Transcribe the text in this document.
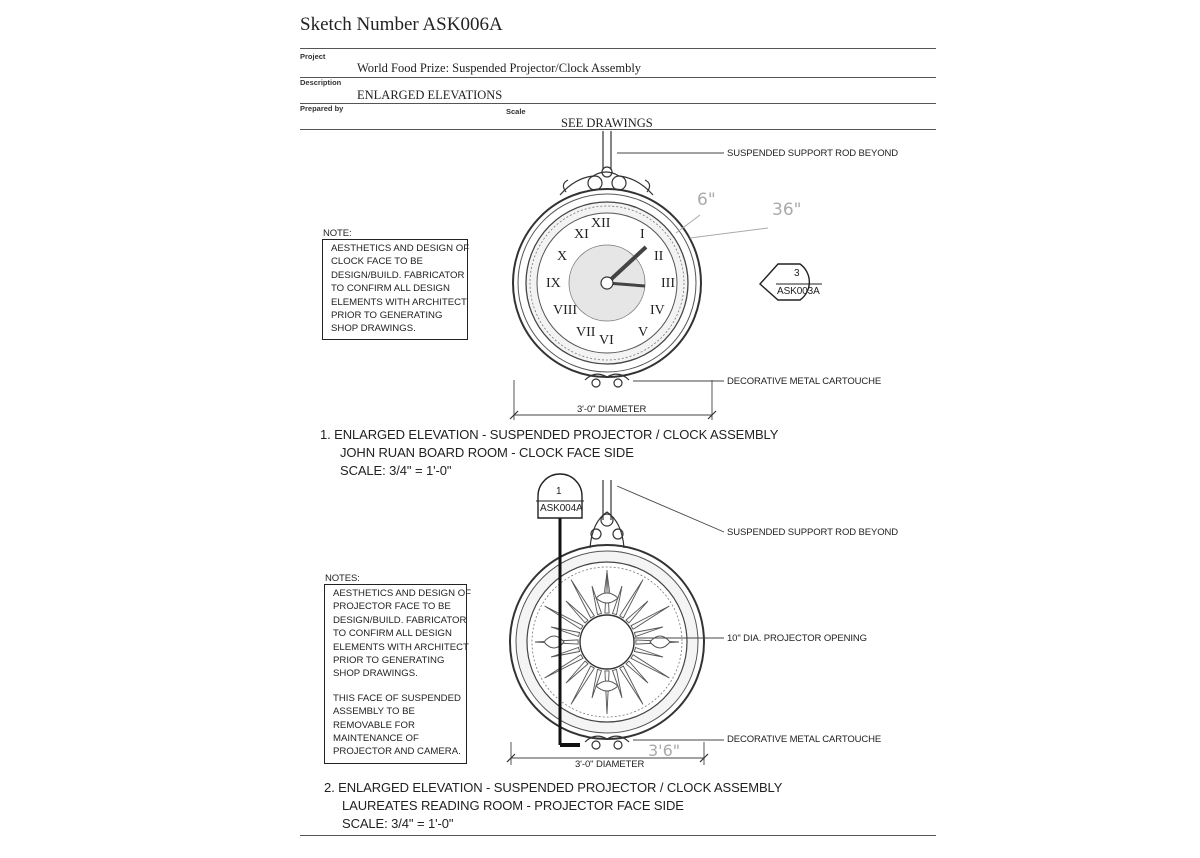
Sketch Number ASK006A
Project
World Food Prize: Suspended Projector/Clock Assembly
Description
ENLARGED ELEVATIONS
Prepared by	Scale
SEE DRAWINGS
XII
I
II
III
IV
V
VI
VII
VIII
IX
X
XI
SUSPENDED SUPPORT ROD BEYOND
DECORATIVE METAL CARTOUCHE
3'-0" DIAMETER
6"	36"
3
ASK003A
NOTE:
AESTHETICS AND DESIGN OF
CLOCK FACE TO BE
DESIGN/BUILD. FABRICATOR
TO CONFIRM ALL DESIGN
ELEMENTS WITH ARCHITECT
PRIOR TO GENERATING
SHOP DRAWINGS.
1. ENLARGED ELEVATION - SUSPENDED PROJECTOR / CLOCK ASSEMBLY
JOHN RUAN BOARD ROOM - CLOCK FACE SIDE
SCALE: 3/4" = 1'-0"
SUSPENDED SUPPORT ROD BEYOND
10" DIA. PROJECTOR OPENING
DECORATIVE METAL CARTOUCHE
3'-0" DIAMETER
3'6"
1
ASK004A
NOTES:
AESTHETICS AND DESIGN OF
PROJECTOR FACE TO BE
DESIGN/BUILD. FABRICATOR
TO CONFIRM ALL DESIGN
ELEMENTS WITH ARCHITECT
PRIOR TO GENERATING
SHOP DRAWINGS.
THIS FACE OF SUSPENDED
ASSEMBLY TO BE
REMOVABLE FOR
MAINTENANCE OF
PROJECTOR AND CAMERA.
2. ENLARGED ELEVATION - SUSPENDED PROJECTOR / CLOCK ASSEMBLY
LAUREATES READING ROOM - PROJECTOR FACE SIDE
SCALE: 3/4" = 1'-0"
